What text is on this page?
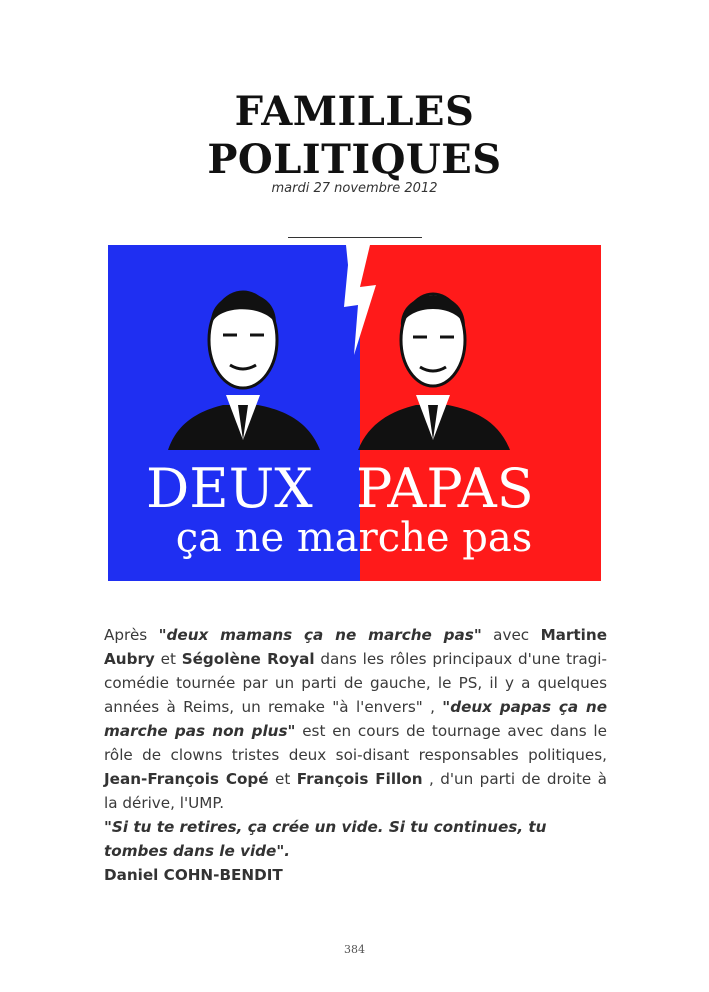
FAMILLES
POLITIQUES
mardi 27 novembre 2012
DEUX PAPAS
ça ne marche pas

Après "deux mamans ça ne marche pas" avec Martine Aubry et Ségolène Royal dans les rôles principaux d'une tragi-comédie tournée par un parti de gauche, le PS, il y a quelques années à Reims, un remake "à l'envers" , "deux papas ça ne marche pas non plus" est en cours de tournage avec dans le rôle de clowns tristes deux soi-disant responsables politiques, Jean-François Copé et François Fillon , d'un parti de droite à la dérive, l'UMP.

"Si tu te retires, ça crée un vide. Si tu continues, tu tombes dans le vide".

Daniel COHN-BENDIT

384
